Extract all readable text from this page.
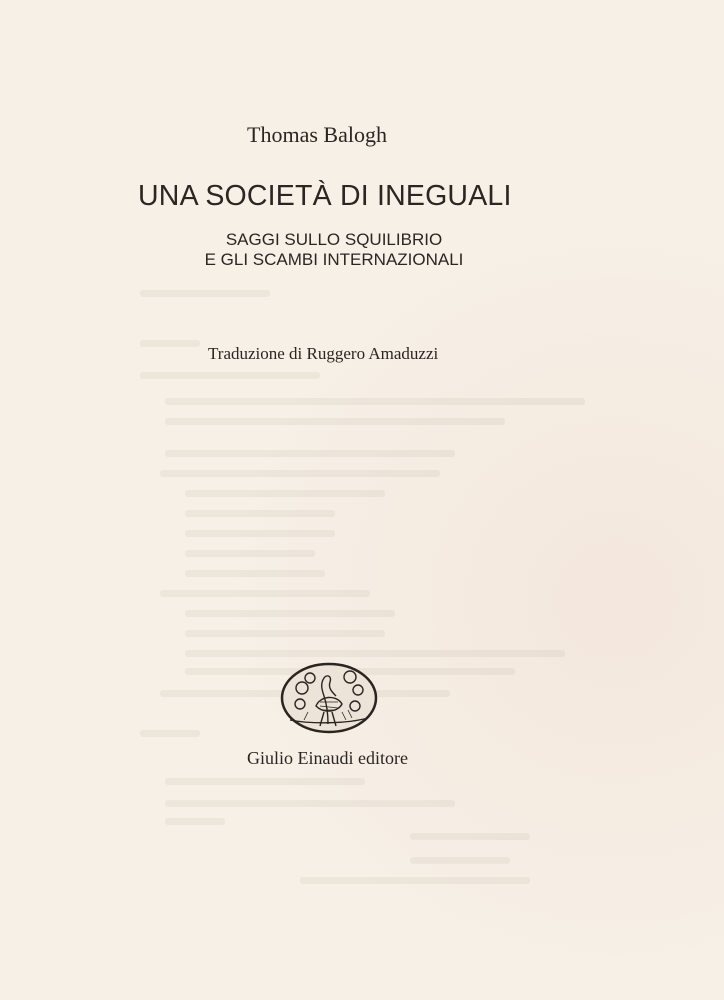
Thomas Balogh
UNA SOCIETÀ DI INEGUALI
SAGGI SULLO SQUILIBRIO
E GLI SCAMBI INTERNAZIONALI
Traduzione di Ruggero Amaduzzi
Giulio Einaudi editore
